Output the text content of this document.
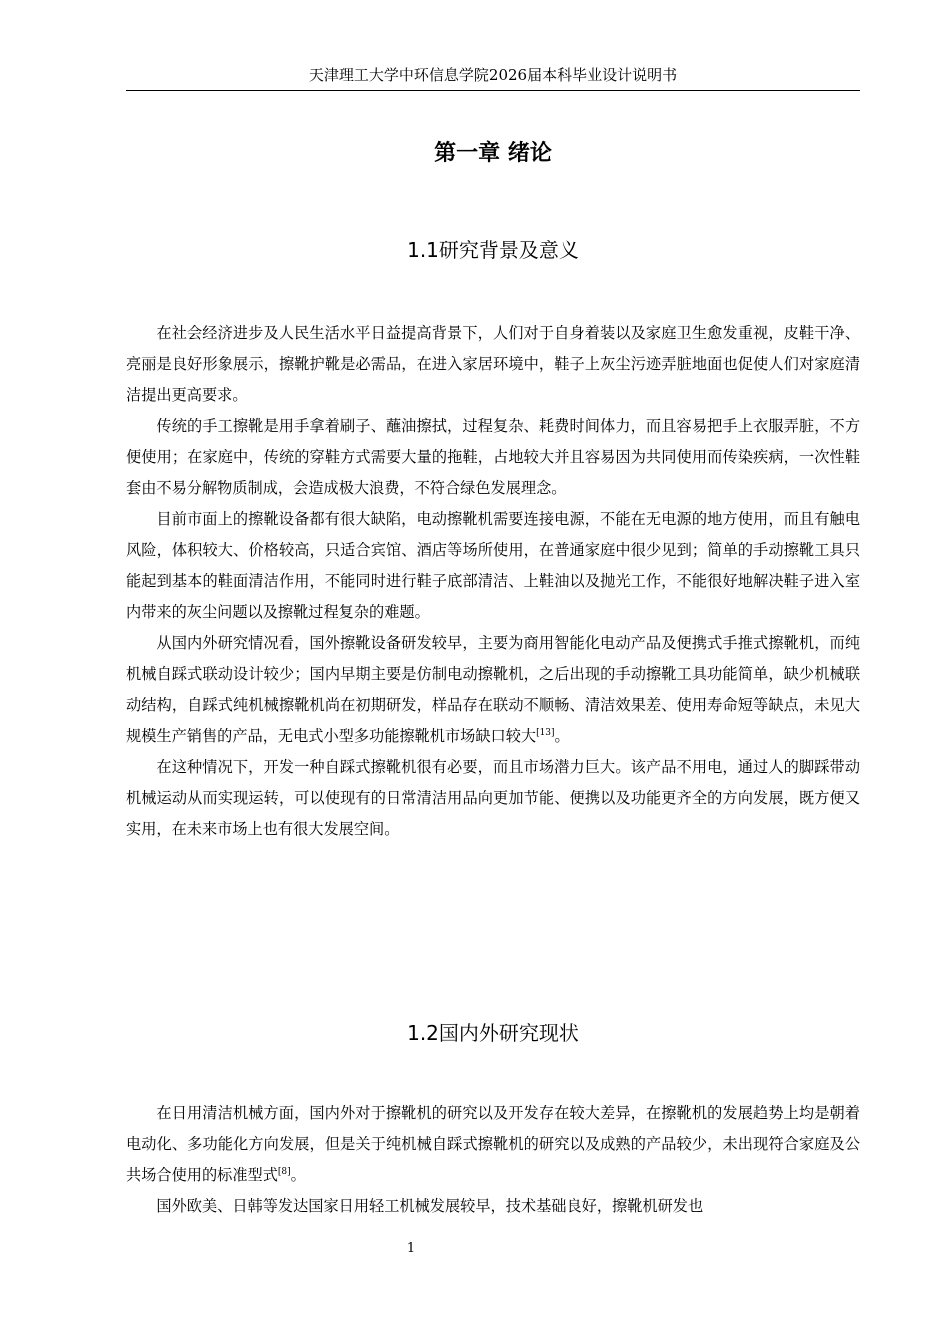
天津理工大学中环信息学院2026届本科毕业设计说明书
第一章 绪论
1.1研究背景及意义

在社会经济进步及人民生活水平日益提高背景下，人们对于自身着装以及家庭卫生愈发重视，皮鞋干净、亮丽是良好形象展示，擦靴护靴是必需品，在进入家居环境中，鞋子上灰尘污迹弄脏地面也促使人们对家庭清洁提出更高要求。

传统的手工擦靴是用手拿着刷子、蘸油擦拭，过程复杂、耗费时间体力，而且容易把手上衣服弄脏，不方便使用；在家庭中，传统的穿鞋方式需要大量的拖鞋，占地较大并且容易因为共同使用而传染疾病，一次性鞋套由不易分解物质制成，会造成极大浪费，不符合绿色发展理念。

目前市面上的擦靴设备都有很大缺陷，电动擦靴机需要连接电源，不能在无电源的地方使用，而且有触电风险，体积较大、价格较高，只适合宾馆、酒店等场所使用，在普通家庭中很少见到；简单的手动擦靴工具只能起到基本的鞋面清洁作用，不能同时进行鞋子底部清洁、上鞋油以及抛光工作，不能很好地解决鞋子进入室内带来的灰尘问题以及擦靴过程复杂的难题。

从国内外研究情况看，国外擦靴设备研发较早，主要为商用智能化电动产品及便携式手推式擦靴机，而纯机械自踩式联动设计较少；国内早期主要是仿制电动擦靴机，之后出现的手动擦靴工具功能简单，缺少机械联动结构，自踩式纯机械擦靴机尚在初期研发，样品存在联动不顺畅、清洁效果差、使用寿命短等缺点，未见大规模生产销售的产品，无电式小型多功能擦靴机市场缺口较大[13]。

在这种情况下，开发一种自踩式擦靴机很有必要，而且市场潜力巨大。该产品不用电，通过人的脚踩带动机械运动从而实现运转，可以使现有的日常清洁用品向更加节能、便携以及功能更齐全的方向发展，既方便又实用，在未来市场上也有很大发展空间。

1.2国内外研究现状

在日用清洁机械方面，国内外对于擦靴机的研究以及开发存在较大差异，在擦靴机的发展趋势上均是朝着电动化、多功能化方向发展，但是关于纯机械自踩式擦靴机的研究以及成熟的产品较少，未出现符合家庭及公共场合使用的标准型式[8]。

国外欧美、日韩等发达国家日用轻工机械发展较早，技术基础良好，擦靴机研发也

1
